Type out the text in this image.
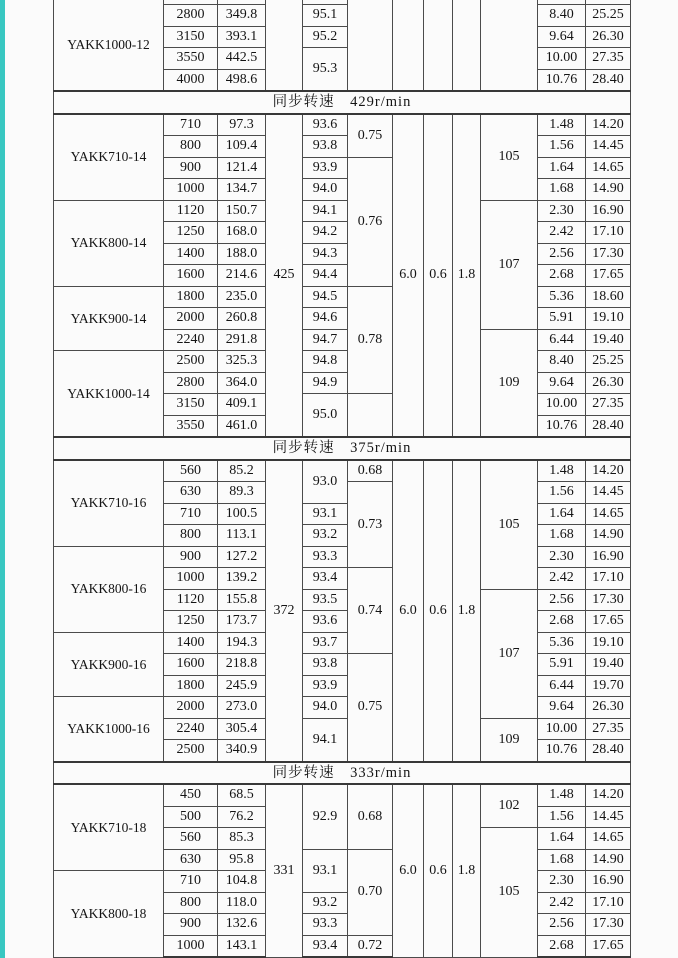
YAKK1000-12											
	2800	349.8		95.1						8.40	25.25
	3150	393.1		95.2						9.64	26.30
	3550	442.5		95.3						10.00	27.35
	4000	498.6								10.76	28.40
同步转速　429r/min											
YAKK710-14	710	97.3	425	93.6	0.75	6.0	0.6	1.8	105	1.48	14.20
	800	109.4		93.8						1.56	14.45
	900	121.4		93.9	0.76					1.64	14.65
	1000	134.7		94.0						1.68	14.90
YAKK800-14	1120	150.7		94.1					107	2.30	16.90
	1250	168.0		94.2						2.42	17.10
	1400	188.0		94.3						2.56	17.30
	1600	214.6		94.4						2.68	17.65
YAKK900-14	1800	235.0		94.5	0.78					5.36	18.60
	2000	260.8		94.6						5.91	19.10
	2240	291.8		94.7					109	6.44	19.40
YAKK1000-14	2500	325.3		94.8						8.40	25.25
	2800	364.0		94.9						9.64	26.30
	3150	409.1		95.0						10.00	27.35
	3550	461.0								10.76	28.40
同步转速　375r/min											
YAKK710-16	560	85.2	372	93.0	0.68	6.0	0.6	1.8	105	1.48	14.20
	630	89.3			0.73					1.56	14.45
	710	100.5		93.1						1.64	14.65
	800	113.1		93.2						1.68	14.90
YAKK800-16	900	127.2		93.3						2.30	16.90
	1000	139.2		93.4	0.74					2.42	17.10
	1120	155.8		93.5					107	2.56	17.30
	1250	173.7		93.6						2.68	17.65
YAKK900-16	1400	194.3		93.7						5.36	19.10
	1600	218.8		93.8	0.75					5.91	19.40
	1800	245.9		93.9						6.44	19.70
YAKK1000-16	2000	273.0		94.0						9.64	26.30
	2240	305.4		94.1					109	10.00	27.35
	2500	340.9								10.76	28.40
同步转速　333r/min											
YAKK710-18	450	68.5	331	92.9	0.68	6.0	0.6	1.8	102	1.48	14.20
	500	76.2								1.56	14.45
	560	85.3							105	1.64	14.65
	630	95.8		93.1	0.70					1.68	14.90
YAKK800-18	710	104.8								2.30	16.90
	800	118.0		93.2						2.42	17.10
	900	132.6		93.3						2.56	17.30
	1000	143.1		93.4	0.72					2.68	17.65
